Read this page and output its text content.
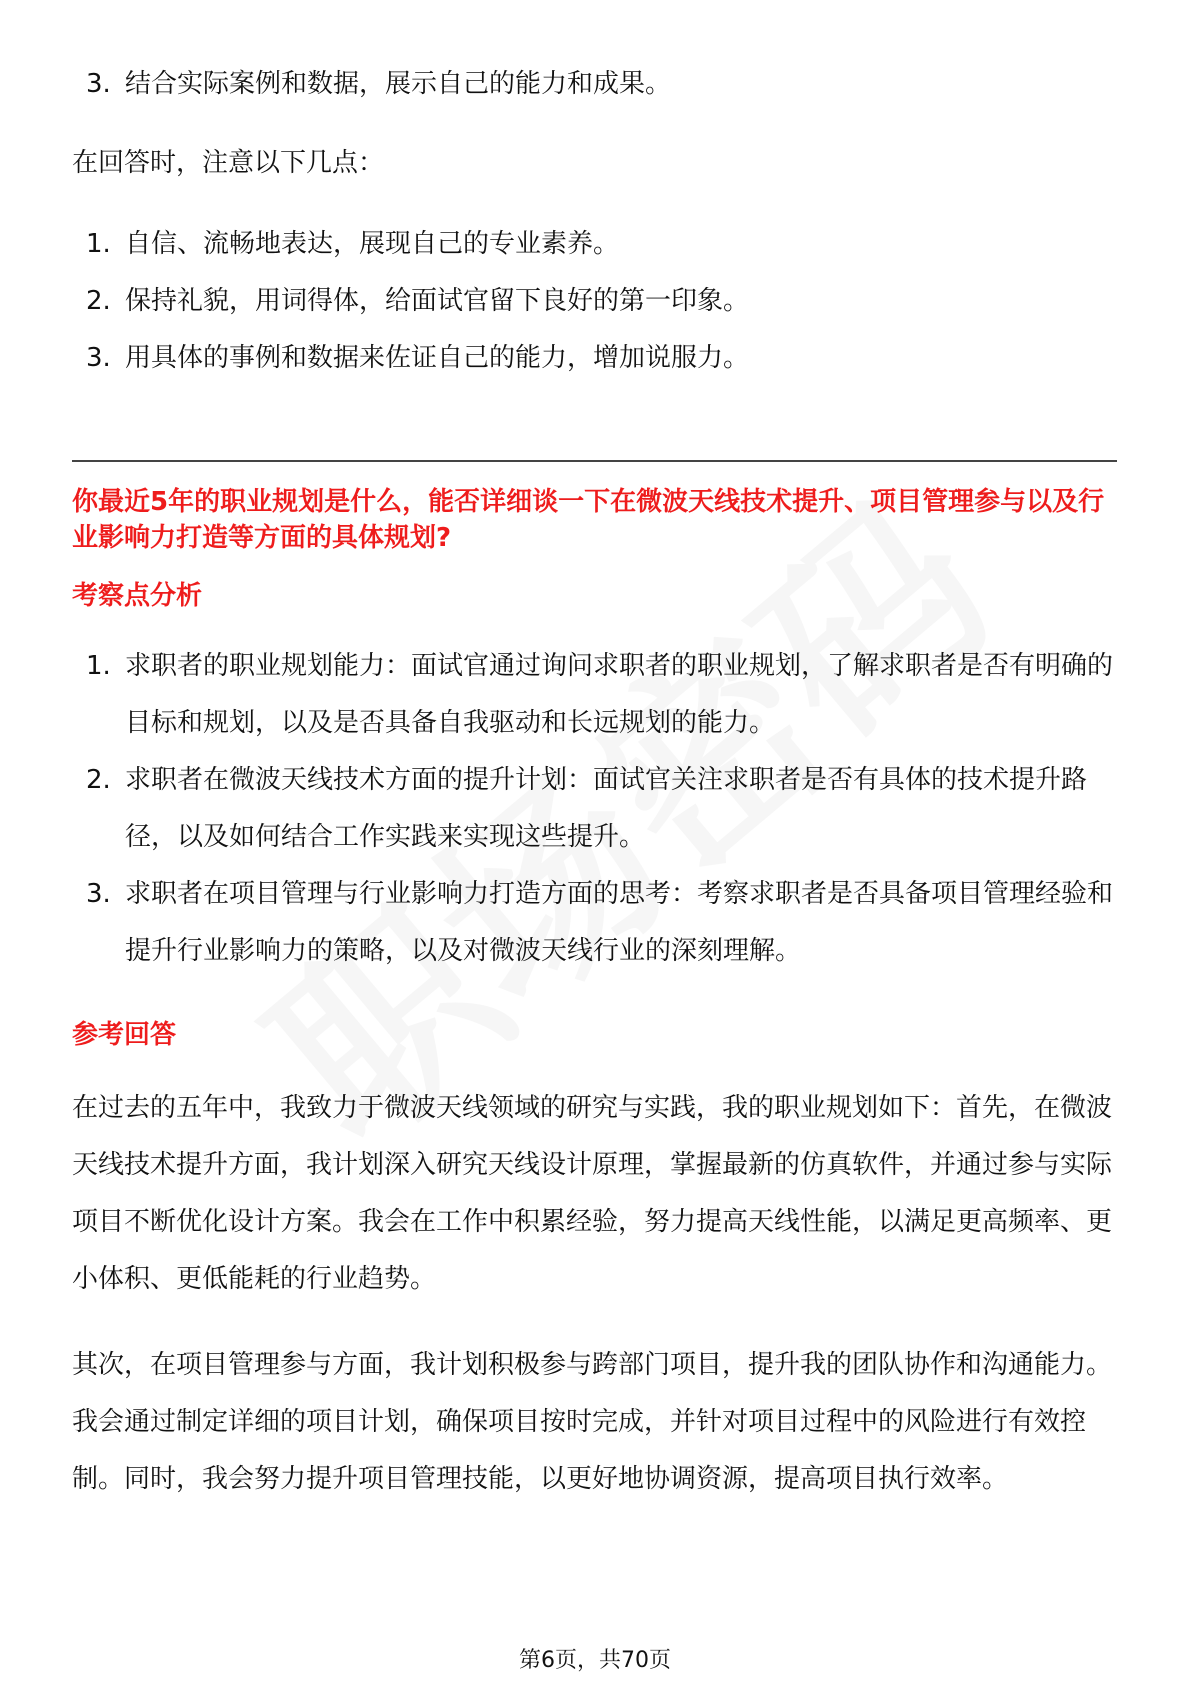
3. 结合实际案例和数据，展示自己的能力和成果。

在回答时，注意以下几点：

1. 自信、流畅地表达，展现自己的专业素养。
2. 保持礼貌，用词得体，给面试官留下良好的第一印象。
3. 用具体的事例和数据来佐证自己的能力，增加说服力。

你最近5年的职业规划是什么，能否详细谈一下在微波天线技术提升、项目管理参与以及行业影响力打造等方面的具体规划?

考察点分析

1. 求职者的职业规划能力：面试官通过询问求职者的职业规划，了解求职者是否有明确的目标和规划，以及是否具备自我驱动和长远规划的能力。
2. 求职者在微波天线技术方面的提升计划：面试官关注求职者是否有具体的技术提升路径，以及如何结合工作实践来实现这些提升。
3. 求职者在项目管理与行业影响力打造方面的思考：考察求职者是否具备项目管理经验和提升行业影响力的策略，以及对微波天线行业的深刻理解。

参考回答

在过去的五年中，我致力于微波天线领域的研究与实践，我的职业规划如下：首先，在微波天线技术提升方面，我计划深入研究天线设计原理，掌握最新的仿真软件，并通过参与实际项目不断优化设计方案。我会在工作中积累经验，努力提高天线性能，以满足更高频率、更小体积、更低能耗的行业趋势。

其次，在项目管理参与方面，我计划积极参与跨部门项目，提升我的团队协作和沟通能力。我会通过制定详细的项目计划，确保项目按时完成，并针对项目过程中的风险进行有效控制。同时，我会努力提升项目管理技能，以更好地协调资源，提高项目执行效率。

第6页，共70页
